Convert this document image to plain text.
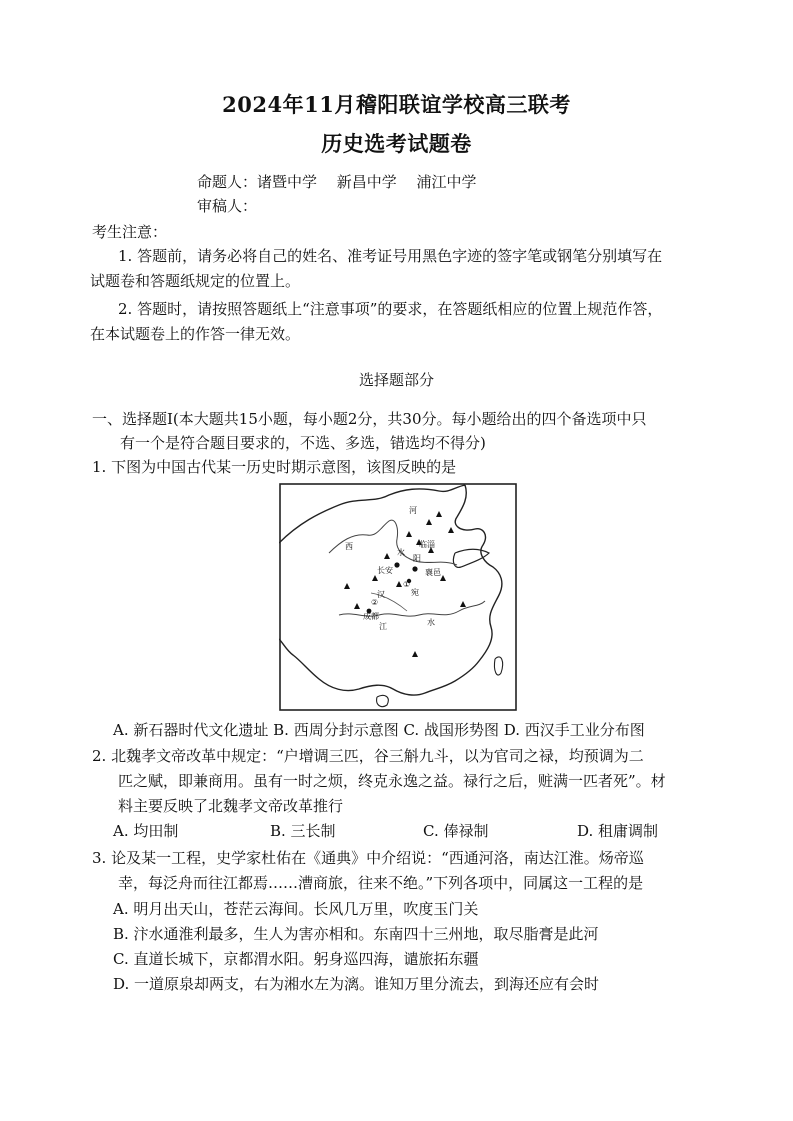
2024年11月稽阳联谊学校高三联考
历史选考试题卷
命题人：诸暨中学　 新昌中学　 浦江中学
审稿人：
考生注意：
1. 答题前，请务必将自己的姓名、准考证号用黑色字迹的签字笔或钢笔分别填写在
试题卷和答题纸规定的位置上。
2. 答题时，请按照答题纸上“注意事项”的要求，在答题纸相应的位置上规范作答，
在本试题卷上的作答一律无效。
选择题部分
一、选择题Ⅰ(本大题共15小题，每小题2分，共30分。每小题给出的四个备选项中只
有一个是符合题目要求的，不选、多选，错选均不得分)
1. 下图为中国古代某一历史时期示意图，该图反映的是
河
西
水
长安
临淄
阳
襄邑
成都
江	水
汉	宛
①
②
A. 新石器时代文化遗址 B. 西周分封示意图 C. 战国形势图 D. 西汉手工业分布图
2. 北魏孝文帝改革中规定：“户增调三匹，谷三斛九斗，以为官司之禄，均预调为二
匹之赋，即兼商用。虽有一时之烦，终克永逸之益。禄行之后，赃满一匹者死”。材
料主要反映了北魏孝文帝改革推行
A. 均田制	B. 三长制	C. 俸禄制	D. 租庸调制
3. 论及某一工程，史学家杜佑在《通典》中介绍说：“西通河洛，南达江淮。炀帝巡
幸，每泛舟而往江都焉……漕商旅，往来不绝。”下列各项中，同属这一工程的是
A. 明月出天山，苍茫云海间。长风几万里，吹度玉门关
B. 汴水通淮利最多，生人为害亦相和。东南四十三州地，取尽脂膏是此河
C. 直道长城下，京都渭水阳。躬身巡四海，谴旅拓东疆
D. 一道原泉却两支，右为湘水左为漓。谁知万里分流去，到海还应有会时
